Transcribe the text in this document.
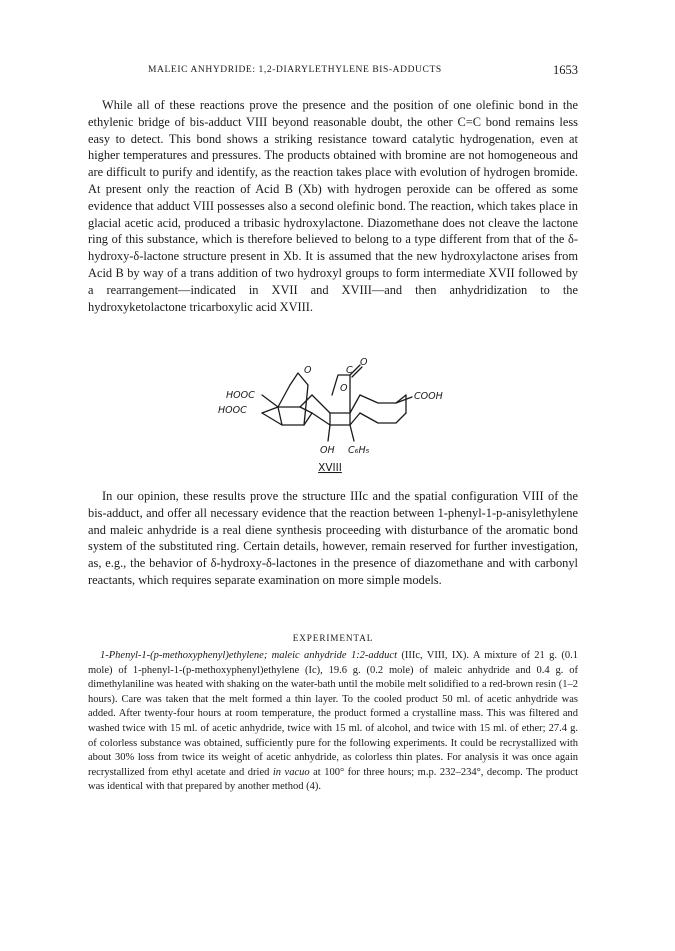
MALEIC ANHYDRIDE: 1,2-DIARYLETHYLENE BIS-ADDUCTS	1653

While all of these reactions prove the presence and the position of one olefinic bond in the ethylenic bridge of bis-adduct VIII beyond reasonable doubt, the other C=C bond remains less easy to detect. This bond shows a striking resistance toward catalytic hydrogenation, even at higher temperatures and pressures. The products obtained with bromine are not homogeneous and are difficult to purify and identify, as the reaction takes place with evolution of hydrogen bromide. At present only the reaction of Acid B (Xb) with hydrogen peroxide can be offered as some evidence that adduct VIII possesses also a second olefinic bond. The reaction, which takes place in glacial acetic acid, produced a tribasic hydroxylactone. Diazomethane does not cleave the lactone ring of this substance, which is therefore believed to belong to a type different from that of the δ-hydroxy-δ-lactone structure present in Xb. It is assumed that the new hydroxylactone arises from Acid B by way of a trans addition of two hydroxyl groups to form intermediate XVII followed by a rearrangement—indicated in XVII and XVIII—and then anhydridization to the hydroxyketolactone tricarboxylic acid XVIII.

HOOC
HOOC
COOH
OH C₆H₅
O	C
O
O
XVIII

In our opinion, these results prove the structure IIIc and the spatial configuration VIII of the bis-adduct, and offer all necessary evidence that the reaction between 1-phenyl-1-p-anisylethylene and maleic anhydride is a real diene synthesis proceeding with disturbance of the aromatic bond system of the substituted ring. Certain details, however, remain reserved for further investigation, as, e.g., the behavior of δ-hydroxy-δ-lactones in the presence of diazomethane and with carbonyl reactants, which requires separate examination on more simple models.

EXPERIMENTAL

1-Phenyl-1-(p-methoxyphenyl)ethylene; maleic anhydride 1:2-adduct (IIIc, VIII, IX). A mixture of 21 g. (0.1 mole) of 1-phenyl-1-(p-methoxyphenyl)ethylene (Ic), 19.6 g. (0.2 mole) of maleic anhydride and 0.4 g. of dimethylaniline was heated with shaking on the water-bath until the mobile melt solidified to a red-brown resin (1–2 hours). Care was taken that the melt formed a thin layer. To the cooled product 50 ml. of acetic anhydride was added. After twenty-four hours at room temperature, the product formed a crystalline mass. This was filtered and washed twice with 15 ml. of acetic anhydride, twice with 15 ml. of alcohol, and twice with 15 ml. of ether; 27.4 g. of colorless substance was obtained, sufficiently pure for the following experiments. It could be recrystallized with about 30% loss from twice its weight of acetic anhydride, as colorless thin plates. For analysis it was once again recrystallized from ethyl acetate and dried in vacuo at 100° for three hours; m.p. 232–234°, decomp. The product was identical with that prepared by another method (4).
